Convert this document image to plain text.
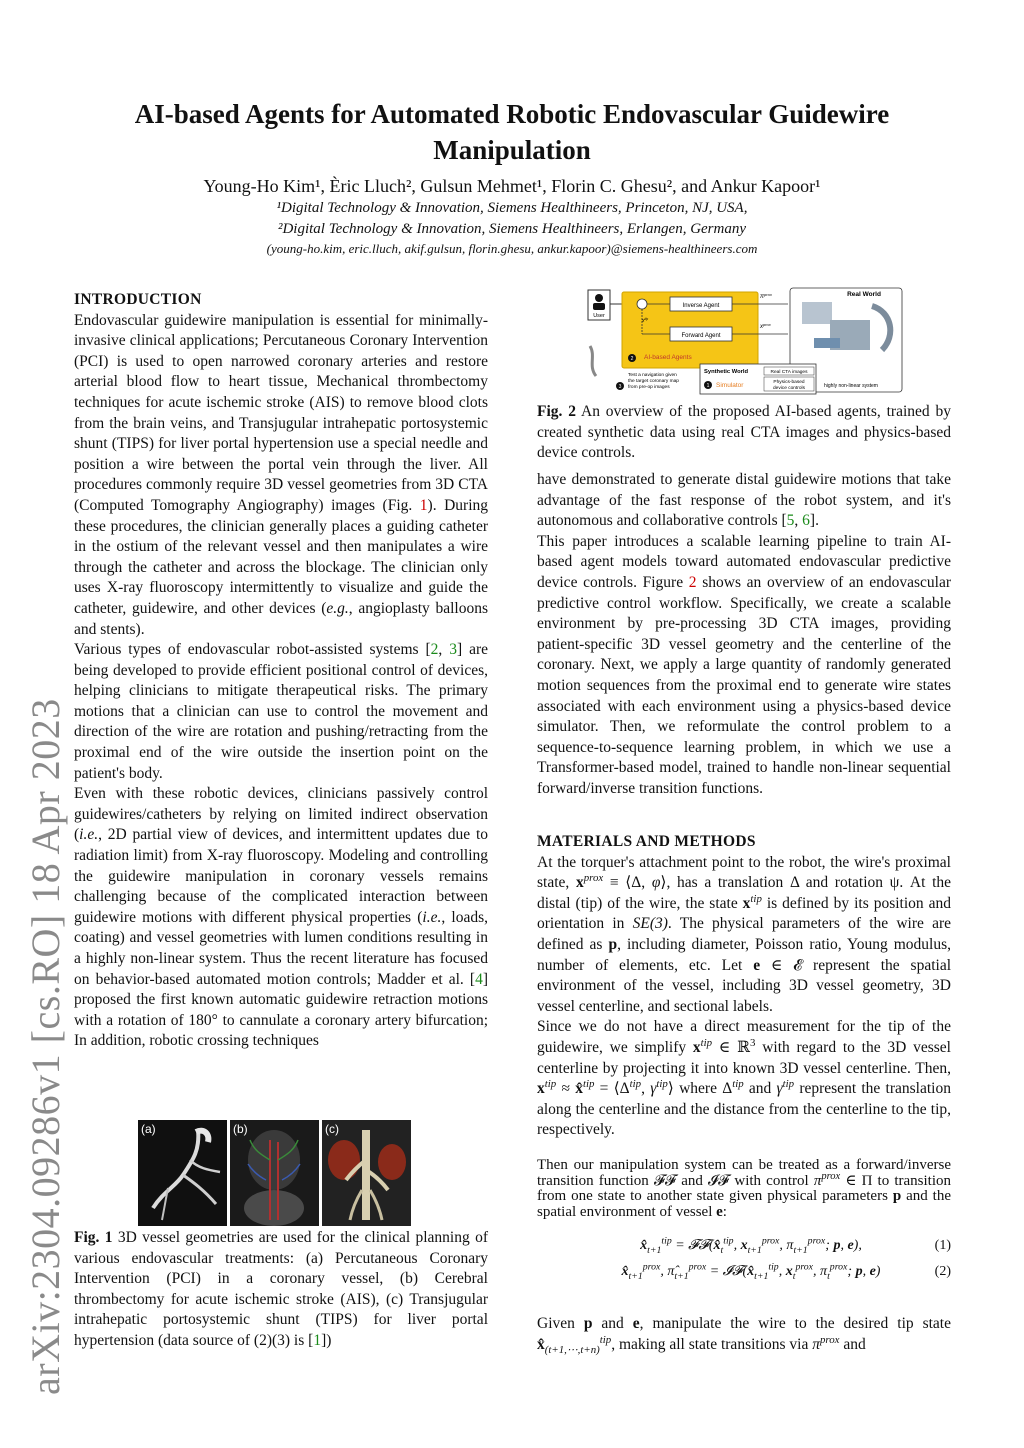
arXiv:2304.09286v1 [cs.RO] 18 Apr 2023
AI-based Agents for Automated Robotic Endovascular Guidewire
Manipulation
Young-Ho Kim¹, Èric Lluch², Gulsun Mehmet¹, Florin C. Ghesu², and Ankur Kapoor¹
¹Digital Technology & Innovation, Siemens Healthineers, Princeton, NJ, USA,
²Digital Technology & Innovation, Siemens Healthineers, Erlangen, Germany
(young-ho.kim, eric.lluch, akif.gulsun, florin.ghesu, ankur.kapoor)@siemens-healthineers.com
INTRODUCTION

Endovascular guidewire manipulation is essential for minimally-invasive clinical applications; Percutaneous Coronary Intervention (PCI) is used to open narrowed coronary arteries and restore arterial blood flow to heart tissue, Mechanical thrombectomy techniques for acute ischemic stroke (AIS) to remove blood clots from the brain veins, and Transjugular intrahepatic portosystemic shunt (TIPS) for liver portal hypertension use a special needle and position a wire between the portal vein through the liver. All procedures commonly require 3D vessel geometries from 3D CTA (Computed Tomography Angiography) images (Fig. 1). During these procedures, the clinician generally places a guiding catheter in the ostium of the relevant vessel and then manipulates a wire through the catheter and across the blockage. The clinician only uses X-ray fluoroscopy intermittently to visualize and guide the catheter, guidewire, and other devices (e.g., angioplasty balloons and stents).

Various types of endovascular robot-assisted systems [2, 3] are being developed to provide efficient positional control of devices, helping clinicians to mitigate therapeutical risks. The primary motions that a clinician can use to control the movement and direction of the wire are rotation and pushing/retracting from the proximal end of the wire outside the insertion point on the patient's body.

Even with these robotic devices, clinicians passively control guidewires/catheters by relying on limited indirect observation (i.e., 2D partial view of devices, and intermittent updates due to radiation limit) from X-ray fluoroscopy. Modeling and controlling the guidewire manipulation in coronary vessels remains challenging because of the complicated interaction between guidewire motions with different physical properties (i.e., loads, coating) and vessel geometries with lumen conditions resulting in a highly non-linear system. Thus the recent literature has focused on behavior-based automated motion controls; Madder et al. [4] proposed the first known automatic guidewire retraction motions with a rotation of 180° to cannulate a coronary artery bifurcation; In addition, robotic crossing techniques

(a)	(b)	(c)
Fig. 1 3D vessel geometries are used for the clinical planning of various endovascular treatments: (a) Percutaneous Coronary Intervention (PCI) in a coronary vessel, (b) Cerebral thrombectomy for acute ischemic stroke (AIS), (c) Transjugular intrahepatic portosystemic shunt (TIPS) for liver portal hypertension (data source of (2)(3) is [1])
User
Inverse Agent
Forward Agent
$x^{tip}$
2 AI-based Agents
$\pi^{prox}$
$x^{prox}$
Real World
highly non-linear system
Synthetic World	Real CTA images
Physics-based
device controls
1 Simulator
3
Test a navigation given
the target coronary map
from pre-op images
Fig. 2 An overview of the proposed AI-based agents, trained by created synthetic data using real CTA images and physics-based device controls.

have demonstrated to generate distal guidewire motions that take advantage of the fast response of the robot system, and it's autonomous and collaborative controls [5, 6].

This paper introduces a scalable learning pipeline to train AI-based agent models toward automated endovascular predictive device controls. Figure 2 shows an overview of an endovascular predictive control workflow. Specifically, we create a scalable environment by pre-processing 3D CTA images, providing patient-specific 3D vessel geometry and the centerline of the coronary. Next, we apply a large quantity of randomly generated motion sequences from the proximal end to generate wire states associated with each environment using a physics-based device simulator. Then, we reformulate the control problem to a sequence-to-sequence learning problem, in which we use a Transformer-based model, trained to handle non-linear sequential forward/inverse transition functions.

MATERIALS AND METHODS

At the torquer's attachment point to the robot, the wire's proximal state, $x^{prox}$ ≡ ⟨Δ, φ⟩, has a translation Δ and rotation ψ. At the distal (tip) of the wire, the state $x^{tip}$ is defined by its position and orientation in SE(3). The physical parameters of the wire are defined as p, including diameter, Poisson ratio, Young modulus, number of elements, etc. Let e ∈ 𝓔 represent the spatial environment of the vessel, including 3D vessel geometry, 3D vessel centerline, and sectional labels.

Since we do not have a direct measurement for the tip of the guidewire, we simplify $x^{tip}$ ∈ ℝ$^3$ with regard to the 3D vessel centerline by projecting it into known 3D vessel centerline. Then, $x^{tip}$ ≈ x̂$^{tip}$ = $⟨\Delta^{tip}$, $\gamma^{tip}⟩$ where $\Delta^{tip}$ and $\gamma^{tip}$ represent the translation along the centerline and the distance from the centerline to the tip, respectively.

Then our manipulation system can be treated as a forward/inverse transition function 𝓕𝓕 and 𝓘𝓕 with control $\pi^{prox}$ ∈ Π to transition from one state to another state given physical parameters p and the spatial environment of vessel e:
$x̂_{t+1}^{tip}$ = $𝓕𝓕(x̂_t^{tip}$, $x_{t+1}^{prox}$, $\pi_{t+1}^{prox}$; p, e),	(1)
$x̂_{t+1}^{prox}$, $\pî_{t+1}^{prox}$ = $𝓘𝓕(x̂_{t+1}^{tip}$, $x_t^{prox}$, $\pi_t^{prox}$; p, e)	(2)
Given p and e, manipulate the wire to the desired tip state $x̂_{(t+1,\cdots,t+n)}^{tip}$, making all state transitions via $\pi^{prox}$ and
